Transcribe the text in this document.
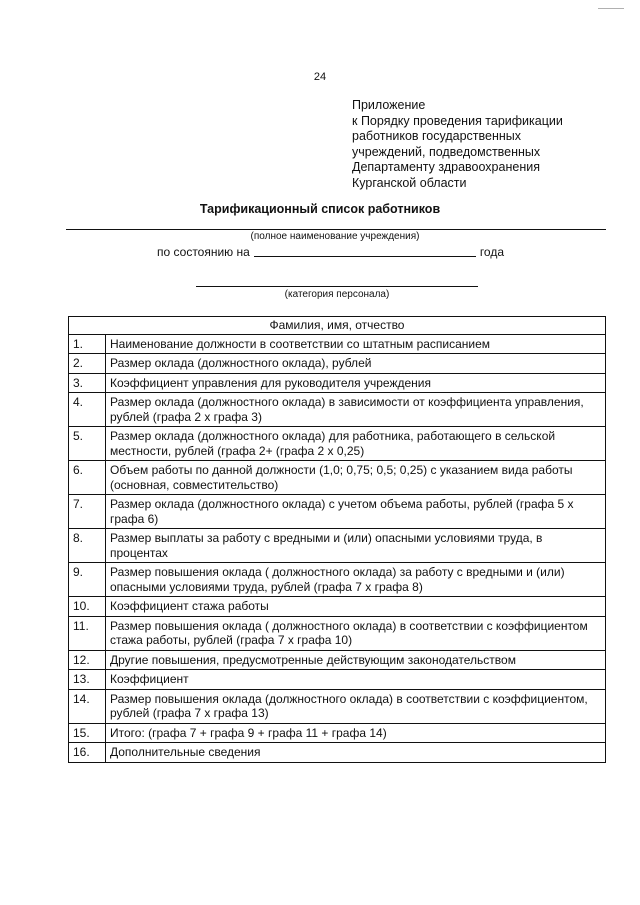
24
Приложение
к Порядку проведения тарификации
работников государственных
учреждений, подведомственных
Департаменту здравоохранения
Курганской области
Тарификационный список работников
(полное наименование учреждения)
по состоянию на	года
(категория персонала)
Фамилия, имя, отчество	
1.	Наименование должности в соответствии со штатным расписанием
2.	Размер оклада (должностного оклада), рублей
3.	Коэффициент управления для руководителя учреждения
4.	Размер оклада (должностного оклада) в зависимости от коэффициента управления, рублей (графа 2 х графа 3)
5.	Размер оклада (должностного оклада) для работника, работающего в сельской местности, рублей (графа 2+ (графа 2 х 0,25)
6.	Объем работы по данной должности (1,0; 0,75; 0,5; 0,25) с указанием вида работы (основная, совместительство)
7.	Размер оклада (должностного оклада) с учетом объема работы, рублей (графа 5 х графа 6)
8.	Размер выплаты за работу с вредными и (или) опасными условиями труда, в процентах
9.	Размер повышения оклада ( должностного оклада) за работу с вредными и (или) опасными условиями труда, рублей (графа 7 х графа 8)
10.	Коэффициент стажа работы
11.	Размер повышения оклада ( должностного оклада) в соответствии с коэффициентом стажа работы, рублей (графа 7 х графа 10)
12.	Другие повышения, предусмотренные действующим законодательством
13.	Коэффициент
14.	Размер повышения оклада (должностного оклада) в соответствии с коэффициентом, рублей (графа 7 х графа 13)
15.	Итого: (графа 7 + графа 9 + графа 11 + графа 14)
16.	Дополнительные сведения
